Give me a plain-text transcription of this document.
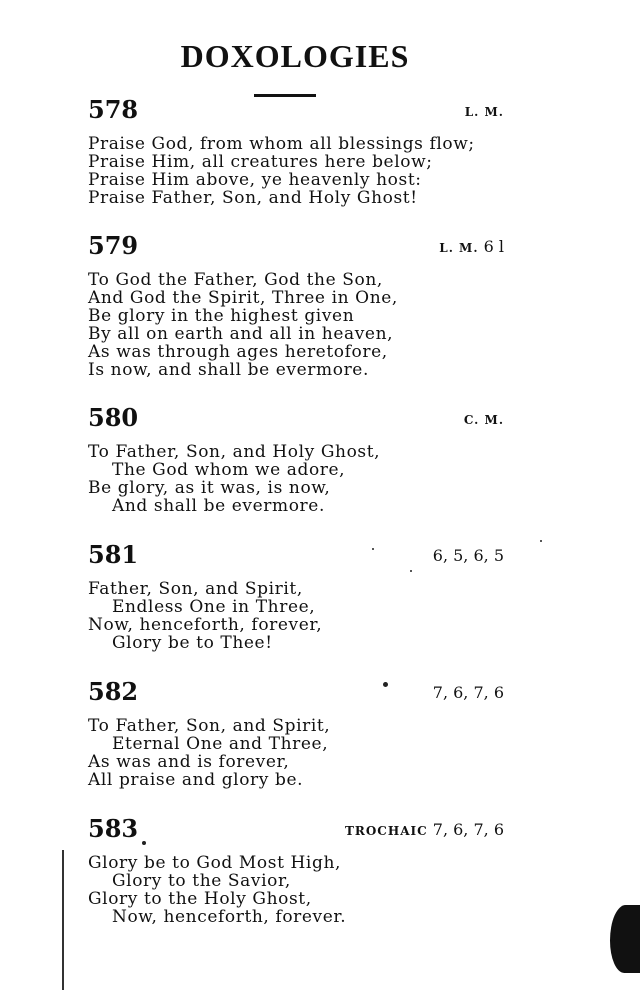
DOXOLOGIES
578	L. M.
Praise God, from whom all blessings flow;
Praise Him, all creatures here below;
Praise Him above, ye heavenly host:
Praise Father, Son, and Holy Ghost!
579	L. M. 6 l
To God the Father, God the Son,
And God the Spirit, Three in One,
Be glory in the highest given
By all on earth and all in heaven,
As was through ages heretofore,
Is now, and shall be evermore.
580	C. M.
To Father, Son, and Holy Ghost,
The God whom we adore,
Be glory, as it was, is now,
And shall be evermore.
581	6, 5, 6, 5
Father, Son, and Spirit,
Endless One in Three,
Now, henceforth, forever,
Glory be to Thee!
582	7, 6, 7, 6
To Father, Son, and Spirit,
Eternal One and Three,
As was and is forever,
All praise and glory be.
583	TROCHAIC 7, 6, 7, 6
Glory be to God Most High,
Glory to the Savior,
Glory to the Holy Ghost,
Now, henceforth, forever.
